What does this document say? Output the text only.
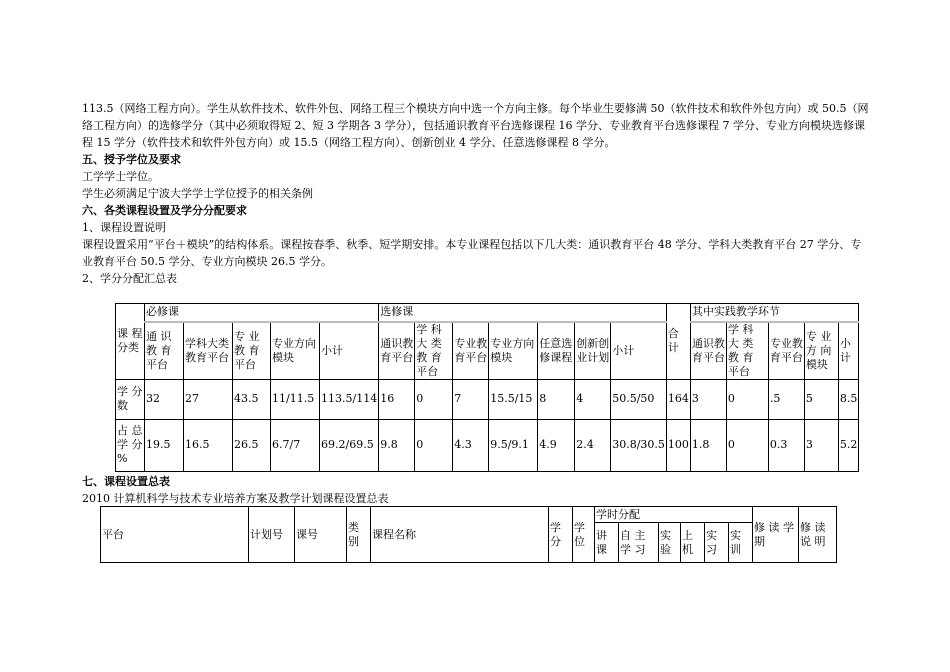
113.5（网络工程方向）。学生从软件技术、软件外包、网络工程三个模块方向中选一个方向主修。每个毕业生要修满 50（软件技术和软件外包方向）或 50.5（网络工程方向）的选修学分（其中必须取得短 2、短 3 学期各 3 学分），包括通识教育平台选修课程 16 学分、专业教育平台选修课程 7 学分、专业方向模块选修课程 15 学分（软件技术和软件外包方向）或 15.5（网络工程方向）、创新创业 4 学分、任意选修课程 8 学分。

五、授予学位及要求

工学学士学位。

学生必须满足宁波大学学士学位授予的相关条例

六、各类课程设置及学分分配要求

1、课程设置说明

课程设置采用“平台＋模块”的结构体系。课程按春季、秋季、短学期安排。本专业课程包括以下几大类：通识教育平台 48 学分、学科大类教育平台 27 学分、专业教育平台 50.5 学分、专业方向模块 26.5 学分。

2、学分分配汇总表

课 程 分类	必修课					选修课							合 计	其中实践教学环节				
	通 识 教 育平台	学科大类 教育平台	专 业 教 育平台	专业方向 模块	小计	通识教 育平台	学 科 大 类 教 育 平台	专业教 育平台	专业方向 模块	任意选 修课程	创新创 业计划	小计		通识教 育平台	学 科 大 类 教 育 平台	专业教 育平台	专 业 方 向 模块	小 计
学 分 数	32	27	43.5	11/11.5	113.5/114	16	0	7	15.5/15	8	4	50.5/50	164	3	0	.5	5	8.5
占 总 学 分 %	19.5	16.5	26.5	6.7/7	69.2/69.5	9.8	0	4.3	9.5/9.1	4.9	2.4	30.8/30.5	100	1.8	0	0.3	3	5.2

七、课程设置总表

2010 计算机科学与技术专业培养方案及教学计划课程设置总表

平台	计划号	课号	类别	课程名称	学分	学 位	学时分配						修 读 学 期	修 读 说 明
							讲课	自 主 学 习	实 验	上机	实习	实训		
